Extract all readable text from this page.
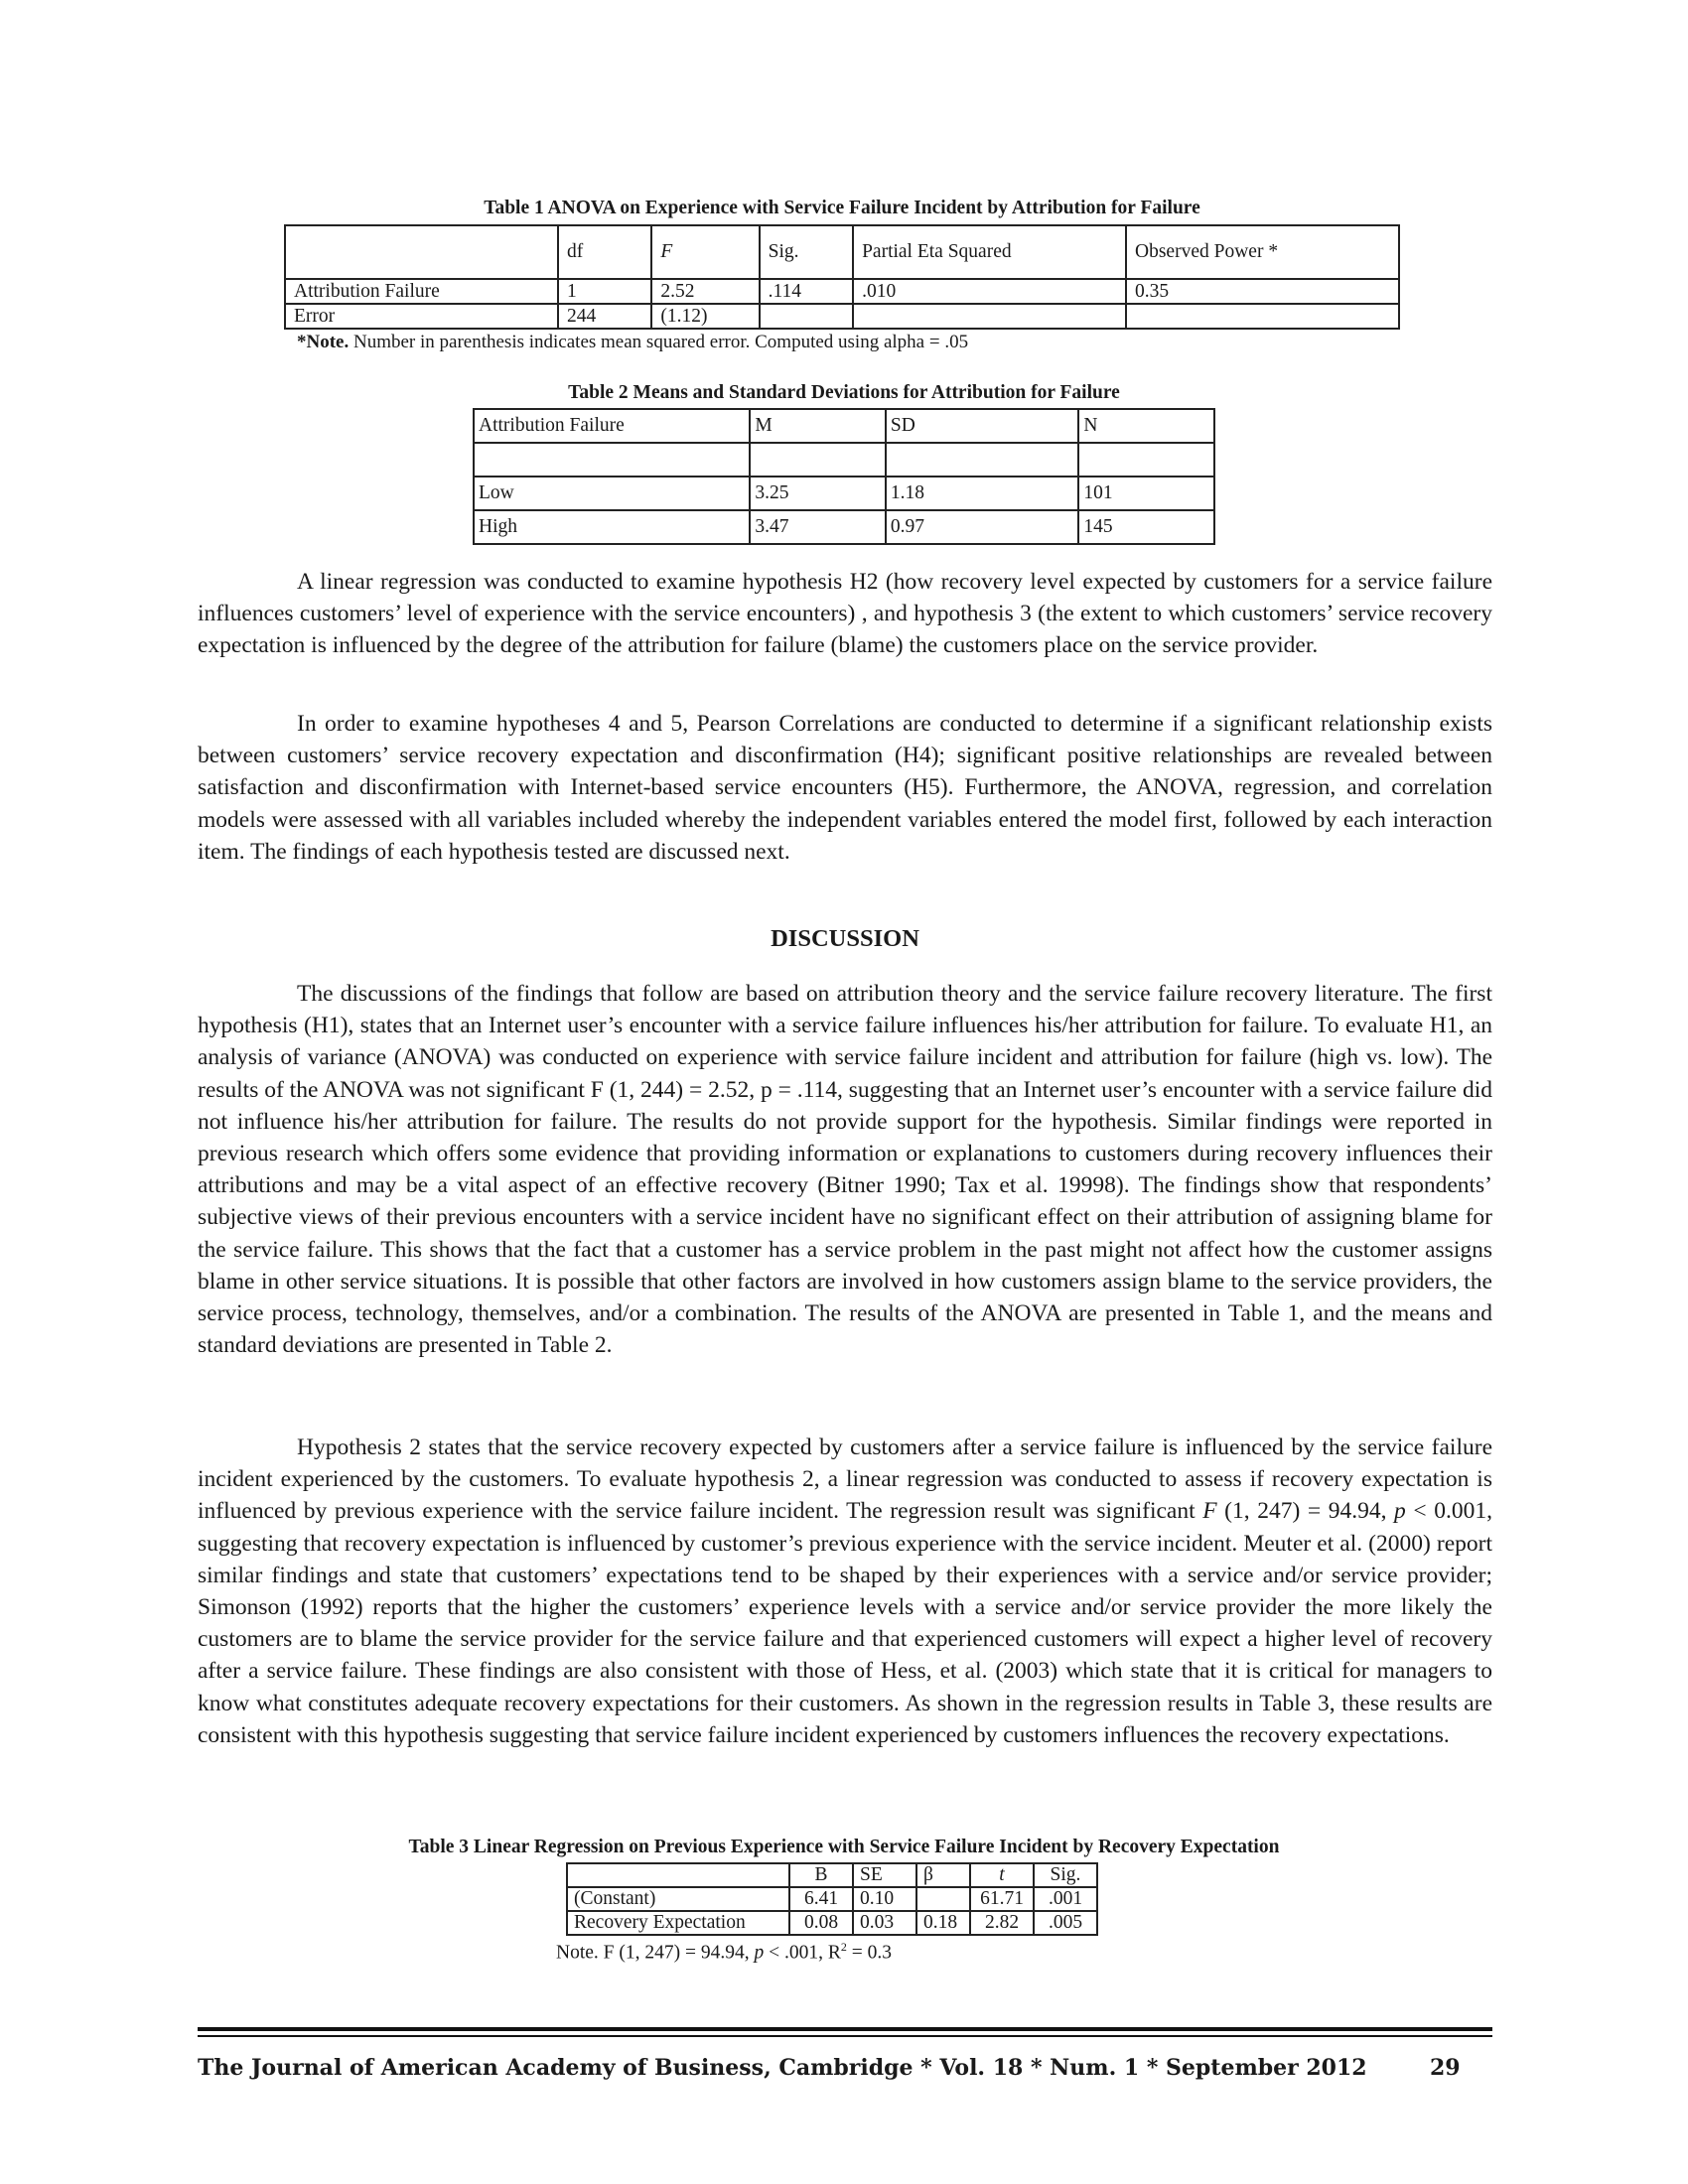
Table 1 ANOVA on Experience with Service Failure Incident by Attribution for Failure
	df	F	Sig.	Partial Eta Squared	Observed Power *
Attribution Failure	1	2.52	.114	.010	0.35
Error	244	(1.12)			
*Note. Number in parenthesis indicates mean squared error. Computed using alpha = .05
Table 2 Means and Standard Deviations for Attribution for Failure
Attribution Failure	M	SD	N

Low	3.25	1.18	101
High	3.47	0.97	145
A linear regression was conducted to examine hypothesis H2 (how recovery level expected by customers for a service failure influences customers’ level of experience with the service encounters) , and hypothesis 3 (the extent to which customers’ service recovery expectation is influenced by the degree of the attribution for failure (blame) the customers place on the service provider.
In order to examine hypotheses 4 and 5, Pearson Correlations are conducted to determine if a significant relationship exists between customers’ service recovery expectation and disconfirmation (H4); significant positive relationships are revealed between satisfaction and disconfirmation with Internet-based service encounters (H5). Furthermore, the ANOVA, regression, and correlation models were assessed with all variables included whereby the independent variables entered the model first, followed by each interaction item. The findings of each hypothesis tested are discussed next.
DISCUSSION
The discussions of the findings that follow are based on attribution theory and the service failure recovery literature. The first hypothesis (H1), states that an Internet user’s encounter with a service failure influences his/her attribution for failure. To evaluate H1, an analysis of variance (ANOVA) was conducted on experience with service failure incident and attribution for failure (high vs. low). The results of the ANOVA was not significant F (1, 244) = 2.52, p = .114, suggesting that an Internet user’s encounter with a service failure did not influence his/her attribution for failure. The results do not provide support for the hypothesis. Similar findings were reported in previous research which offers some evidence that providing information or explanations to customers during recovery influences their attributions and may be a vital aspect of an effective recovery (Bitner 1990; Tax et al. 19998). The findings show that respondents’ subjective views of their previous encounters with a service incident have no significant effect on their attribution of assigning blame for the service failure. This shows that the fact that a customer has a service problem in the past might not affect how the customer assigns blame in other service situations. It is possible that other factors are involved in how customers assign blame to the service providers, the service process, technology, themselves, and/or a combination. The results of the ANOVA are presented in Table 1, and the means and standard deviations are presented in Table 2.
Hypothesis 2 states that the service recovery expected by customers after a service failure is influenced by the service failure incident experienced by the customers. To evaluate hypothesis 2, a linear regression was conducted to assess if recovery expectation is influenced by previous experience with the service failure incident. The regression result was significant F (1, 247) = 94.94, p < 0.001, suggesting that recovery expectation is influenced by customer’s previous experience with the service incident. Meuter et al. (2000) report similar findings and state that customers’ expectations tend to be shaped by their experiences with a service and/or service provider; Simonson (1992) reports that the higher the customers’ experience levels with a service and/or service provider the more likely the customers are to blame the service provider for the service failure and that experienced customers will expect a higher level of recovery after a service failure. These findings are also consistent with those of Hess, et al. (2003) which state that it is critical for managers to know what constitutes adequate recovery expectations for their customers. As shown in the regression results in Table 3, these results are consistent with this hypothesis suggesting that service failure incident experienced by customers influences the recovery expectations.
Table 3 Linear Regression on Previous Experience with Service Failure Incident by Recovery Expectation
	B	SE	β	t	Sig.
(Constant)	6.41	0.10		61.71	.001
Recovery Expectation	0.08	0.03	0.18	2.82	.005
Note. F (1, 247) = 94.94, p < .001, $R^2 = 0.3$
The Journal of American Academy of Business, Cambridge * Vol. 18 * Num. 1 * September 2012	29
